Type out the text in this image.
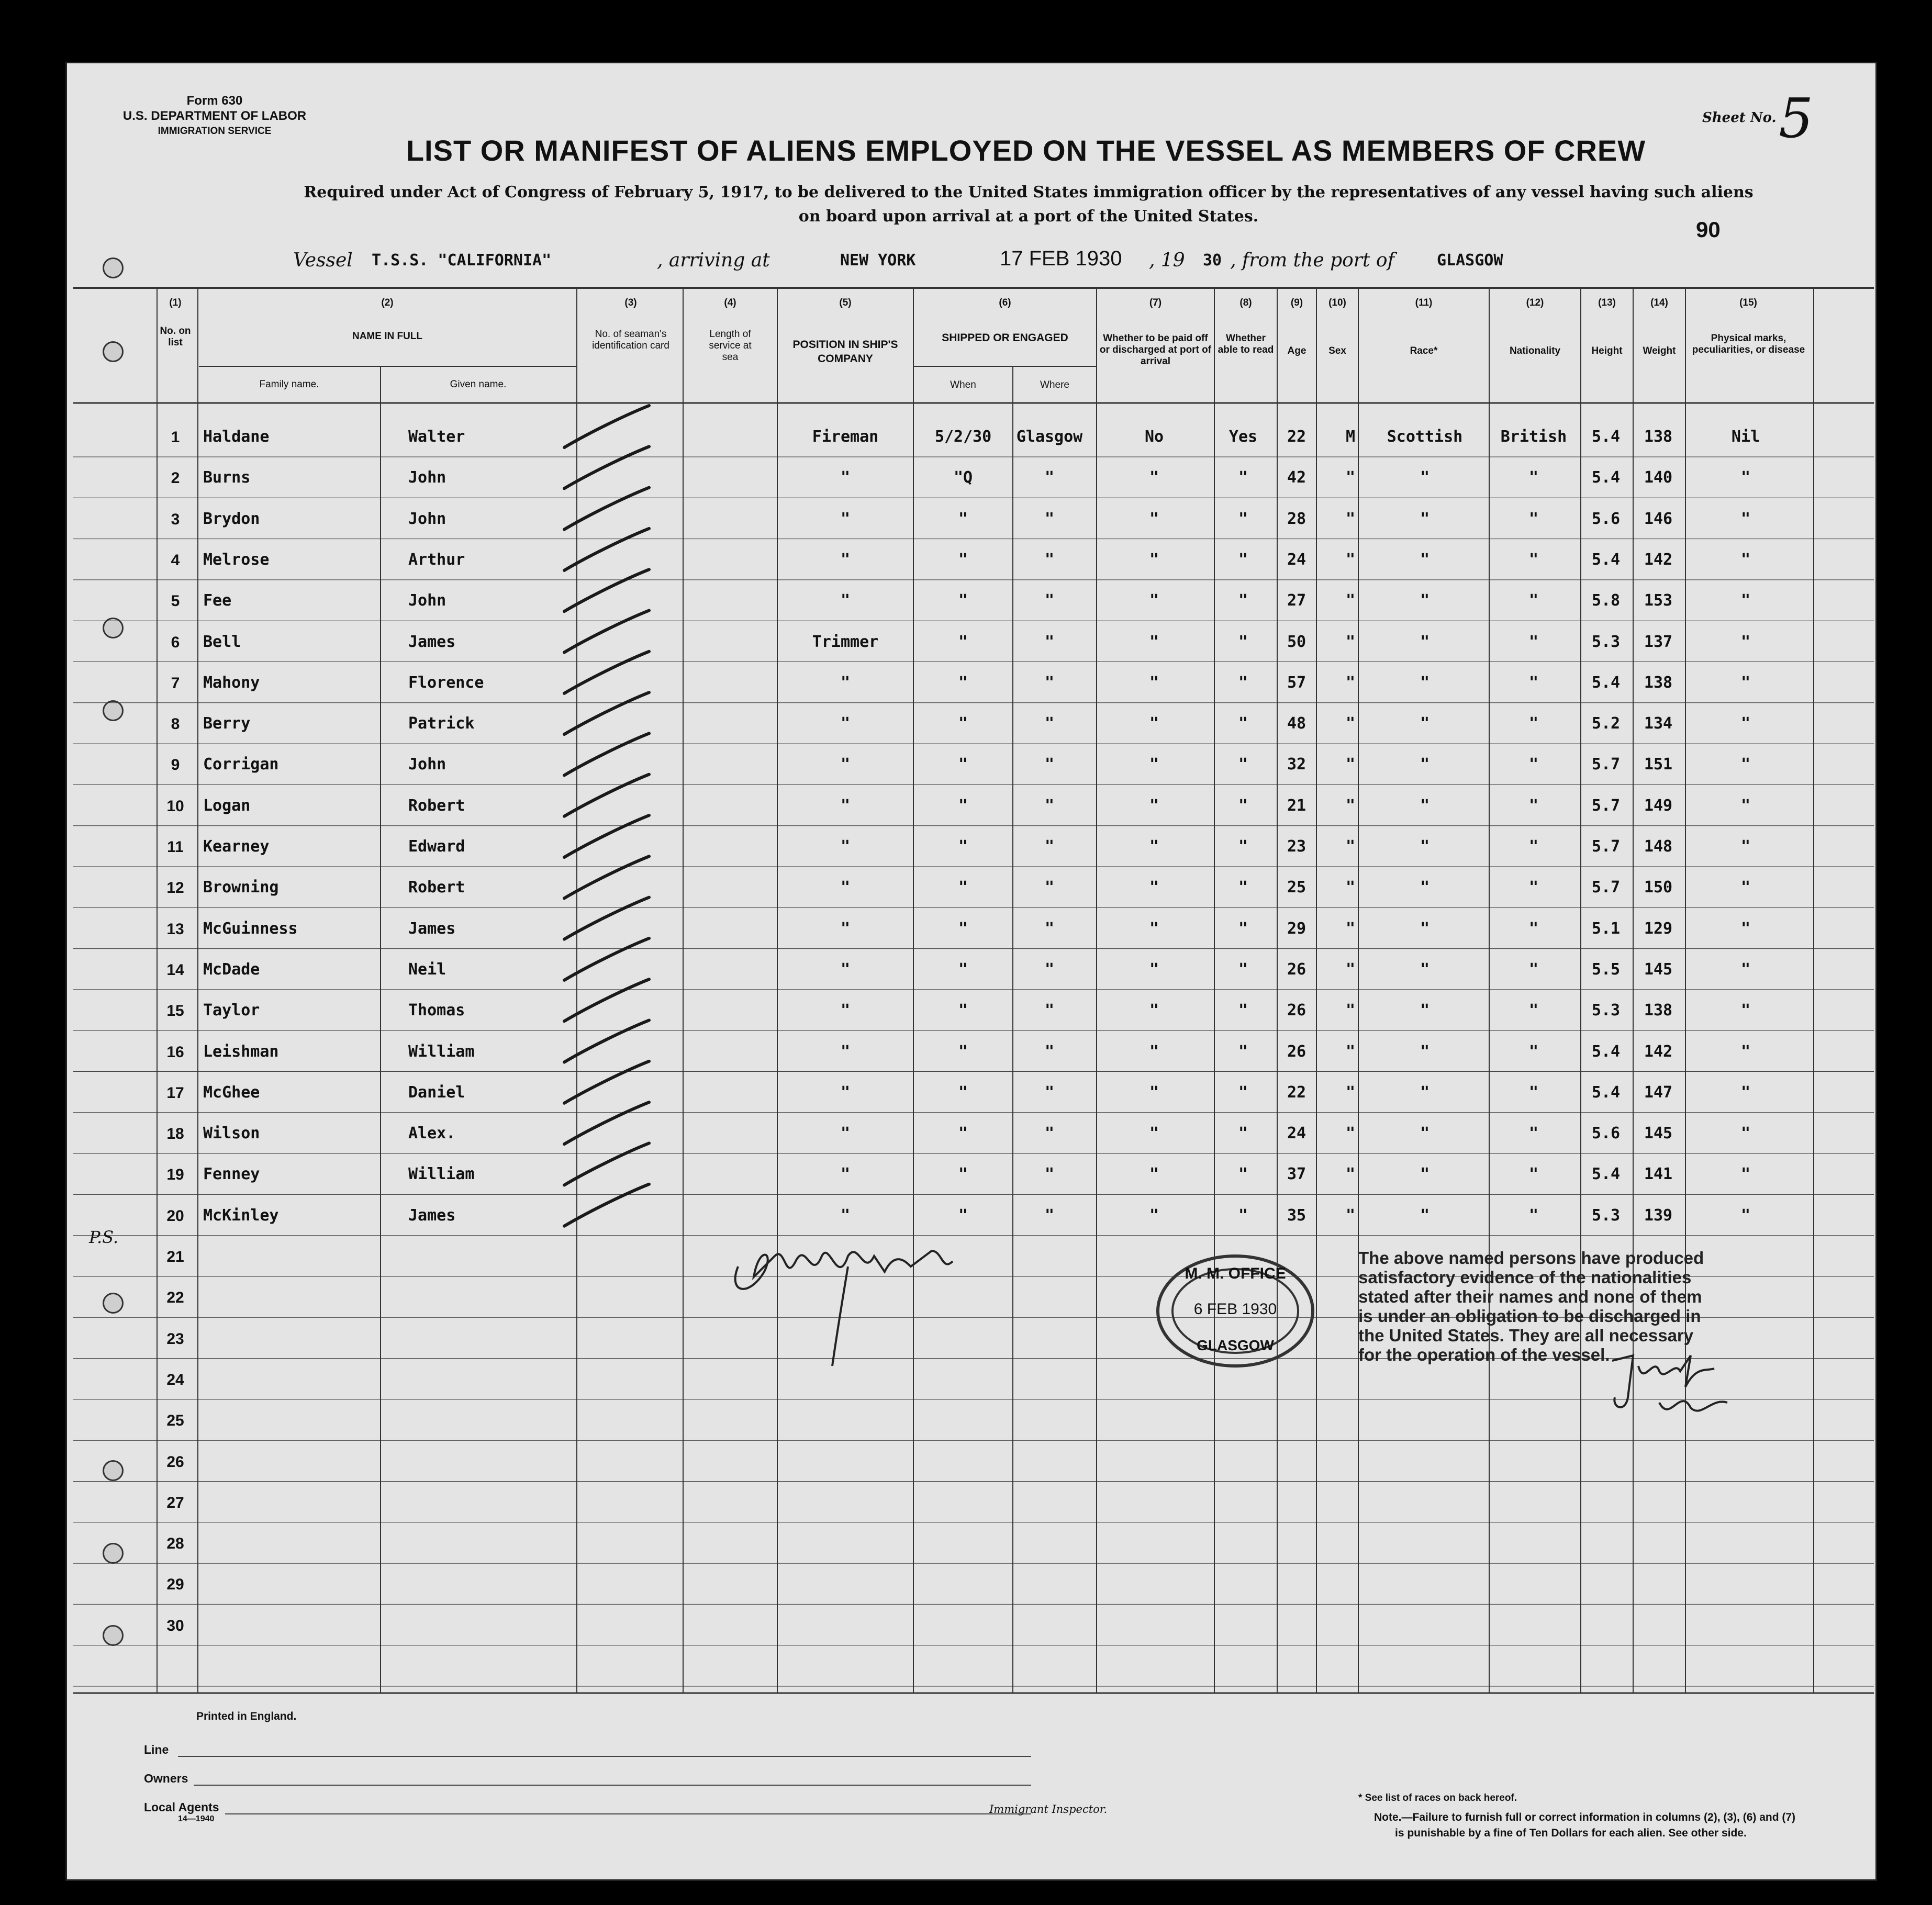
Form 630
U.S. DEPARTMENT OF LABOR
IMMIGRATION SERVICE
Sheet No. 5
LIST OR MANIFEST OF ALIENS EMPLOYED ON THE VESSEL AS MEMBERS OF CREW
Required under Act of Congress of February 5, 1917, to be delivered to the United States immigration officer by the representatives of any vessel having such aliens
on board upon arrival at a port of the United States.
90
Vessel T.S.S. "CALIFORNIA"	, arriving at	NEW YORK	17 FEB 1930 , 19 30 , from the port of	GLASGOW
(1)
No. on list
(2)
NAME IN FULL
Family name.	Given name.
(3)
No. of seaman's identification card
(4)
Length of service at sea
(5)
POSITION IN SHIP'S COMPANY
(6)
SHIPPED OR ENGAGED
When	Where
(7)
Whether to be paid off or discharged at port of arrival
(8)
Whether able to read
(9)
Age
(10)
Sex
(11)
Race*
(12)
Nationality
(13)
Height
(14)
Weight
(15)
Physical marks, peculiarities, or disease
1	Haldane	Walter	Fireman	5/2/30	Glasgow	No	Yes	22	M	Scottish	British	5.4	138	Nil
2	Burns	John	"	"Q	"	"	"	42	"	"	"	5.4	140	"
3	Brydon	John	"	"	"	"	"	28	"	"	"	5.6	146	"
4	Melrose	Arthur	"	"	"	"	"	24	"	"	"	5.4	142	"
5	Fee	John	"	"	"	"	"	27	"	"	"	5.8	153	"
6	Bell	James	Trimmer	"	"	"	"	50	"	"	"	5.3	137	"
7	Mahony	Florence	"	"	"	"	"	57	"	"	"	5.4	138	"
8	Berry	Patrick	"	"	"	"	"	48	"	"	"	5.2	134	"
9	Corrigan	John	"	"	"	"	"	32	"	"	"	5.7	151	"
10	Logan	Robert	"	"	"	"	"	21	"	"	"	5.7	149	"
11	Kearney	Edward	"	"	"	"	"	23	"	"	"	5.7	148	"
12	Browning	Robert	"	"	"	"	"	25	"	"	"	5.7	150	"
13	McGuinness	James	"	"	"	"	"	29	"	"	"	5.1	129	"
14	McDade	Neil	"	"	"	"	"	26	"	"	"	5.5	145	"
15	Taylor	Thomas	"	"	"	"	"	26	"	"	"	5.3	138	"
16	Leishman	William	"	"	"	"	"	26	"	"	"	5.4	142	"
17	McGhee	Daniel	"	"	"	"	"	22	"	"	"	5.4	147	"
18	Wilson	Alex.	"	"	"	"	"	24	"	"	"	5.6	145	"
19	Fenney	William	"	"	"	"	"	37	"	"	"	5.4	141	"
20	McKinley	James	"	"	"	"	"	35	"	"	"	5.3	139	"
21
22
23
24
25
26
27
28
29
30
P.S.
M. M. OFFICE
6 FEB 1930
GLASGOW
The above named persons have produced
satisfactory evidence of the nationalities
stated after their names and none of them
is under an obligation to be discharged in
the United States. They are all necessary
for the operation of the vessel.
Printed in England.
Line
Owners
Local Agents
14—1940
Immigrant Inspector.
* See list of races on back hereof.
Note.—Failure to furnish full or correct information in columns (2), (3), (6) and (7)
is punishable by a fine of Ten Dollars for each alien. See other side.
